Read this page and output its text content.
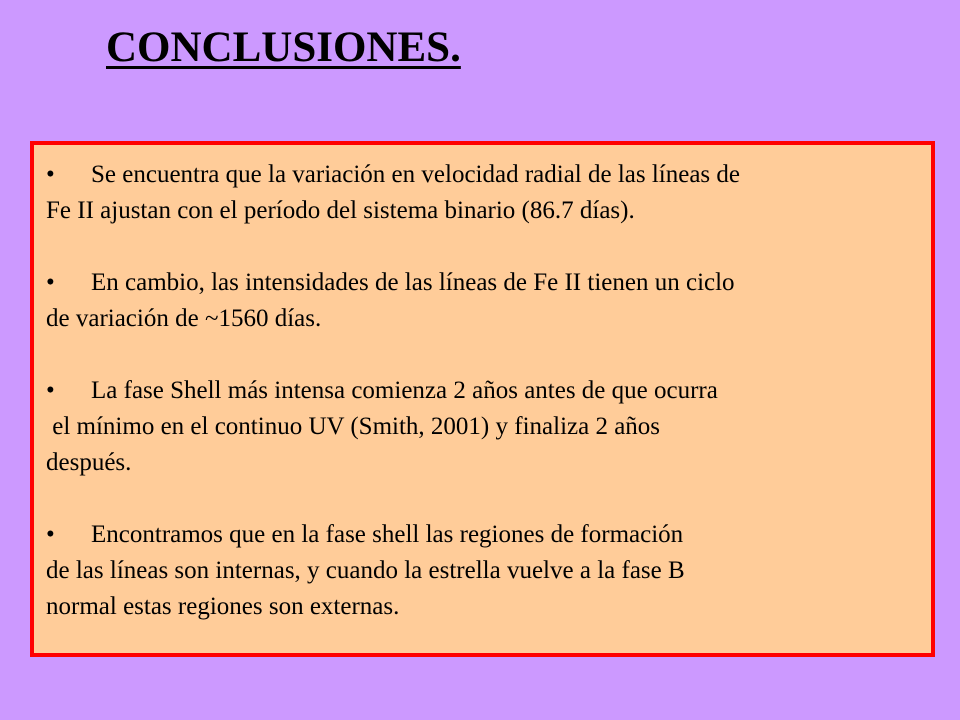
CONCLUSIONES.
• Se encuentra que la variación en velocidad radial de las líneas de
Fe II ajustan con el período del sistema binario (86.7 días).
• En cambio, las intensidades de las líneas de Fe II tienen un ciclo
de variación de ~1560 días.
• La fase Shell más intensa comienza 2 años antes de que ocurra
el mínimo en el continuo UV (Smith, 2001) y finaliza 2 años
después.
• Encontramos que en la fase shell las regiones de formación
de las líneas son internas, y cuando la estrella vuelve a la fase B
normal estas regiones son externas.
